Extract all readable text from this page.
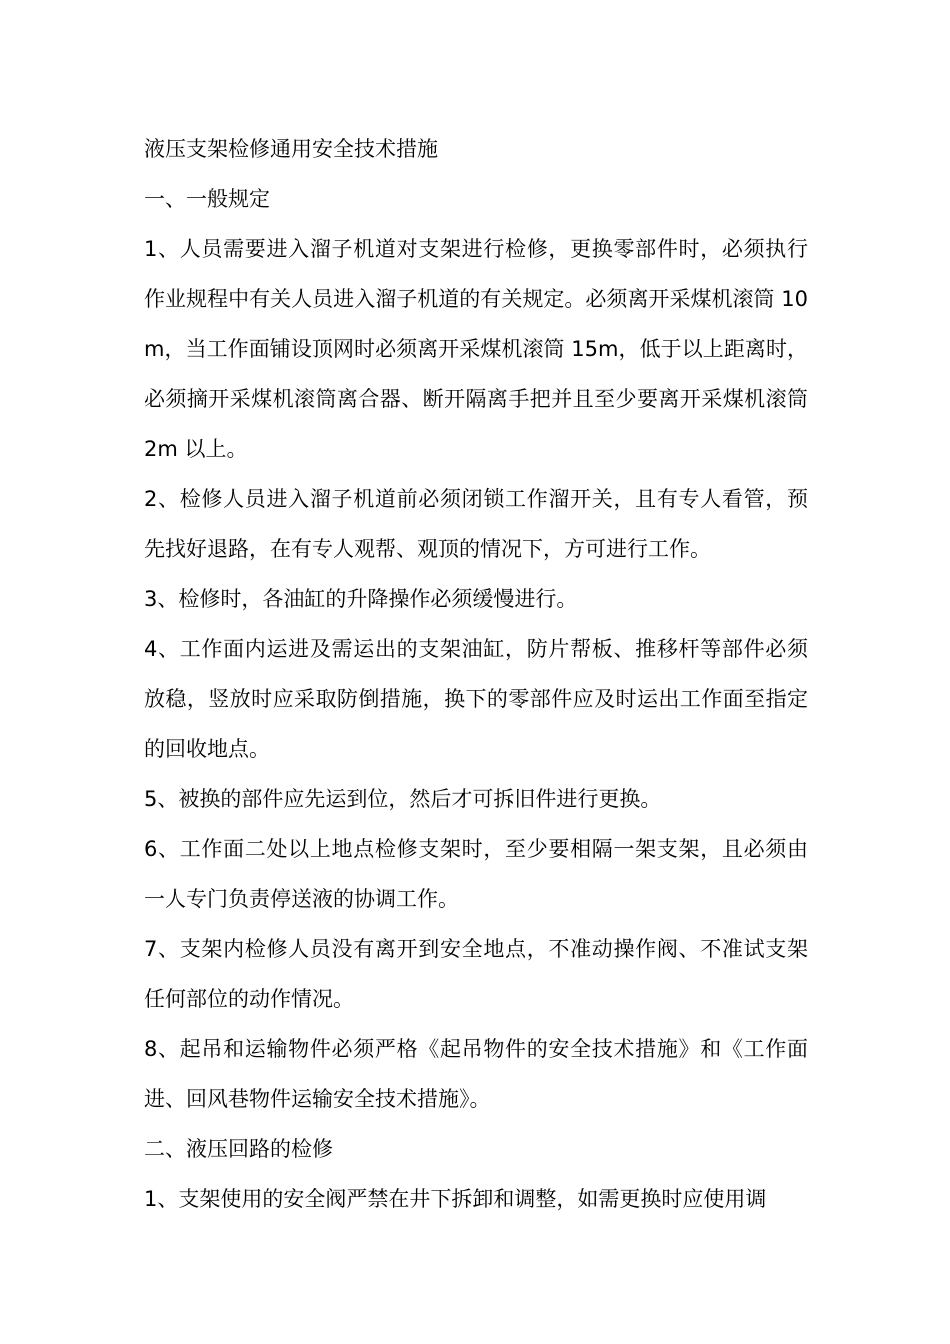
液压支架检修通用安全技术措施

一、一般规定

1、人员需要进入溜子机道对支架进行检修，更换零部件时，必须执行作业规程中有关人员进入溜子机道的有关规定。必须离开采煤机滚筒 10m，当工作面铺设顶网时必须离开采煤机滚筒 15m，低于以上距离时，必须摘开采煤机滚筒离合器、断开隔离手把并且至少要离开采煤机滚筒 2m 以上。

2、检修人员进入溜子机道前必须闭锁工作溜开关，且有专人看管，预先找好退路，在有专人观帮、观顶的情况下，方可进行工作。

3、检修时，各油缸的升降操作必须缓慢进行。

4、工作面内运进及需运出的支架油缸，防片帮板、推移杆等部件必须放稳，竖放时应采取防倒措施，换下的零部件应及时运出工作面至指定的回收地点。

5、被换的部件应先运到位，然后才可拆旧件进行更换。

6、工作面二处以上地点检修支架时，至少要相隔一架支架，且必须由一人专门负责停送液的协调工作。

7、支架内检修人员没有离开到安全地点，不准动操作阀、不准试支架任何部位的动作情况。

8、起吊和运输物件必须严格《起吊物件的安全技术措施》和《工作面进、回风巷物件运输安全技术措施》。

二、液压回路的检修

1、支架使用的安全阀严禁在井下拆卸和调整，如需更换时应使用调
